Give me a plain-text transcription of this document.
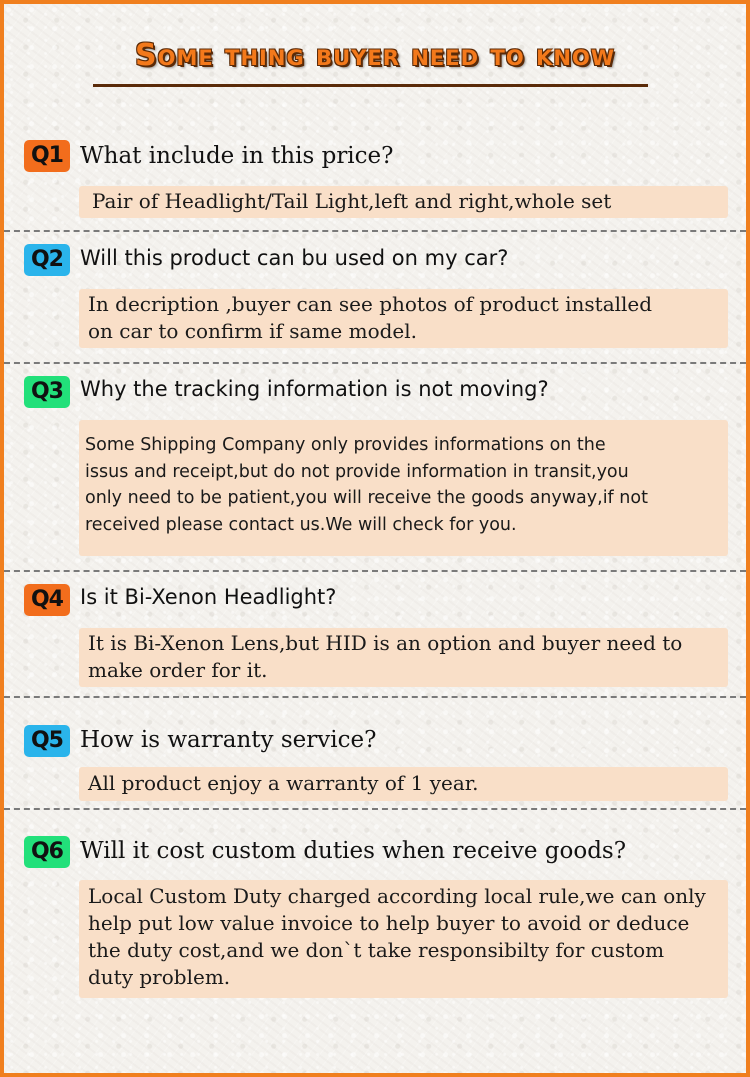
Some thing buyer need to know
Q1 What include in this price?
Pair of Headlight/Tail Light,left and right,whole set
Q2 Will this product can bu used on my car?
In decription ,buyer can see photos of product installed
on car to confirm if same model.
Q3 Why the tracking information is not moving?
Some Shipping Company only provides informations on the
issus and receipt,but do not provide information in transit,you
only need to be patient,you will receive the goods anyway,if not
received please contact us.We will check for you.
Q4 Is it Bi-Xenon Headlight?
It is Bi-Xenon Lens,but HID is an option and buyer need to
make order for it.
Q5 How is warranty service?
All product enjoy a warranty of 1 year.
Q6 Will it cost custom duties when receive goods?
Local Custom Duty charged according local rule,we can only
help put low value invoice to help buyer to avoid or deduce
the duty cost,and we don`t take responsibilty for custom
duty problem.
